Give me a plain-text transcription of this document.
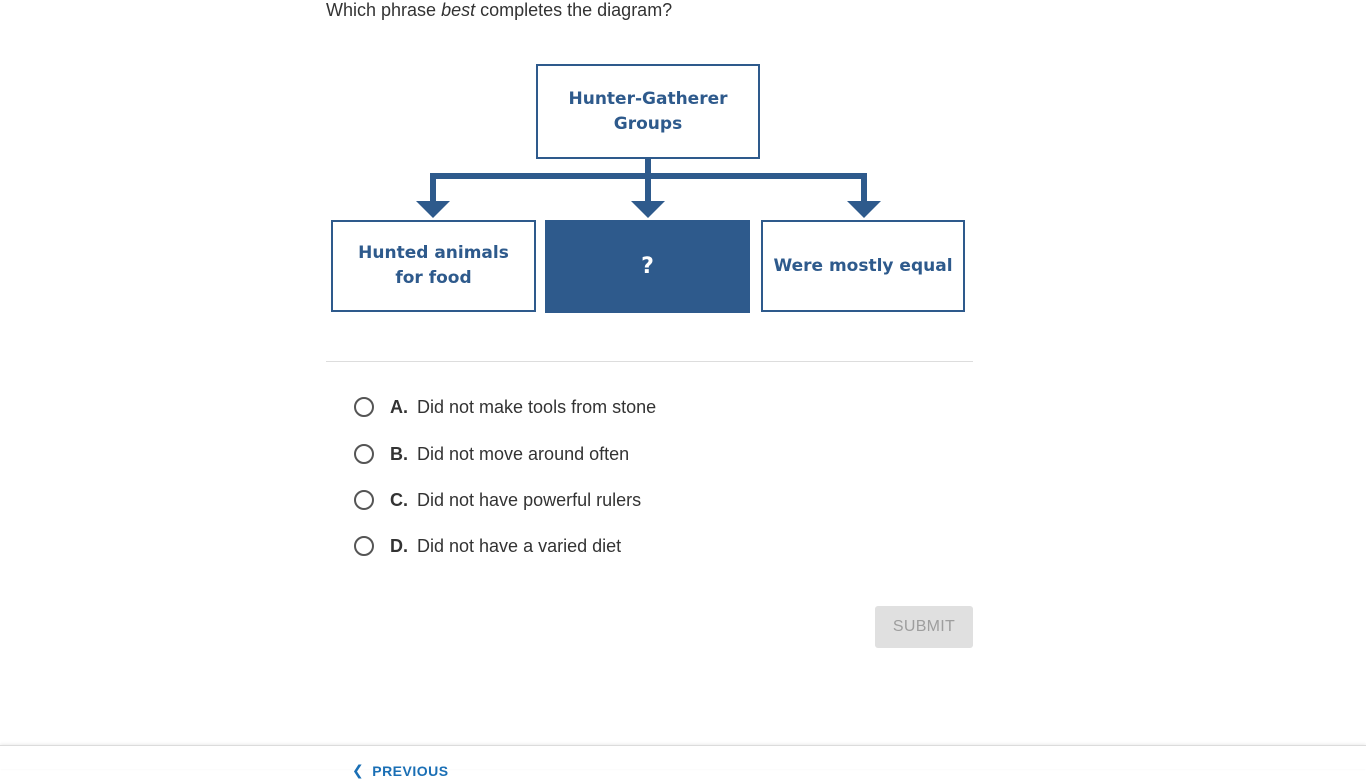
Which phrase best completes the diagram?
Hunter-Gatherer
Groups
Hunted animals
for food	?	Were mostly equal
A. Did not make tools from stone
B. Did not move around often
C. Did not have powerful rulers
D. Did not have a varied diet
SUBMIT
❮ PREVIOUS
